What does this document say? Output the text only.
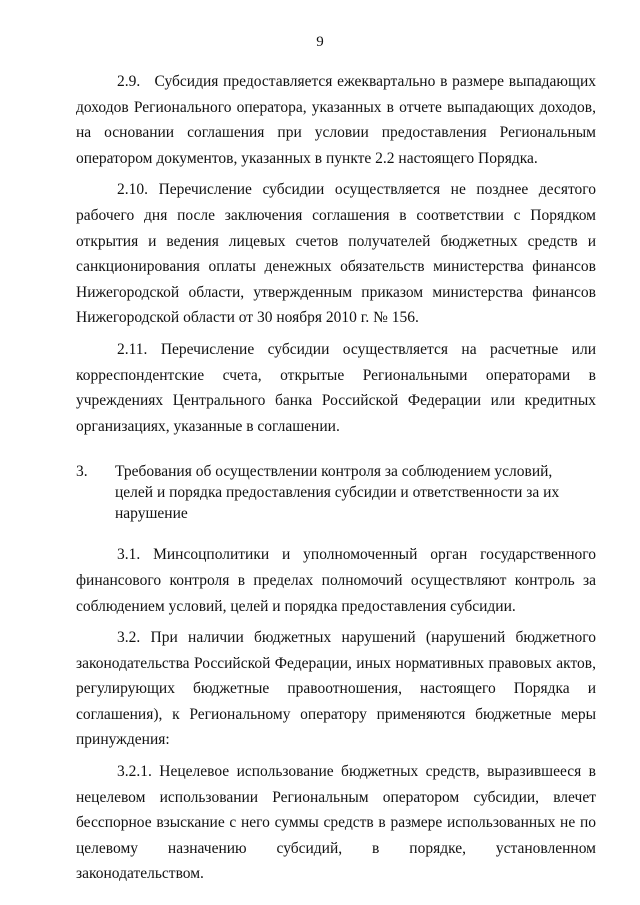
9

2.9.   Субсидия предоставляется ежеквартально в размере выпадающих доходов Регионального оператора, указанных в отчете выпадающих доходов, на основании соглашения при условии предоставления Региональным оператором документов, указанных в пункте 2.2 настоящего Порядка.

2.10. Перечисление субсидии осуществляется не позднее десятого рабочего дня после заключения соглашения в соответствии с Порядком открытия и ведения лицевых счетов получателей бюджетных средств и санкционирования оплаты денежных обязательств министерства финансов Нижегородской области, утвержденным приказом министерства финансов Нижегородской области от 30 ноября 2010 г. № 156.

2.11. Перечисление субсидии осуществляется на расчетные или корреспондентские счета, открытые Региональными операторами в учреждениях Центрального банка Российской Федерации или кредитных организациях, указанные в соглашении.

3.	Требования об осуществлении контроля за соблюдением условий, целей и порядка предоставления субсидии и ответственности за их нарушение

3.1. Минсоцполитики и уполномоченный орган государственного финансового контроля в пределах полномочий осуществляют контроль за соблюдением условий, целей и порядка предоставления субсидии.

3.2. При наличии бюджетных нарушений (нарушений бюджетного законодательства Российской Федерации, иных нормативных правовых актов, регулирующих бюджетные правоотношения, настоящего Порядка и соглашения), к Региональному оператору применяются бюджетные меры принуждения:

3.2.1. Нецелевое использование бюджетных средств, выразившееся в нецелевом использовании Региональным оператором субсидии, влечет бесспорное взыскание с него суммы средств в размере использованных не по целевому назначению субсидий, в порядке, установленном законодательством.
